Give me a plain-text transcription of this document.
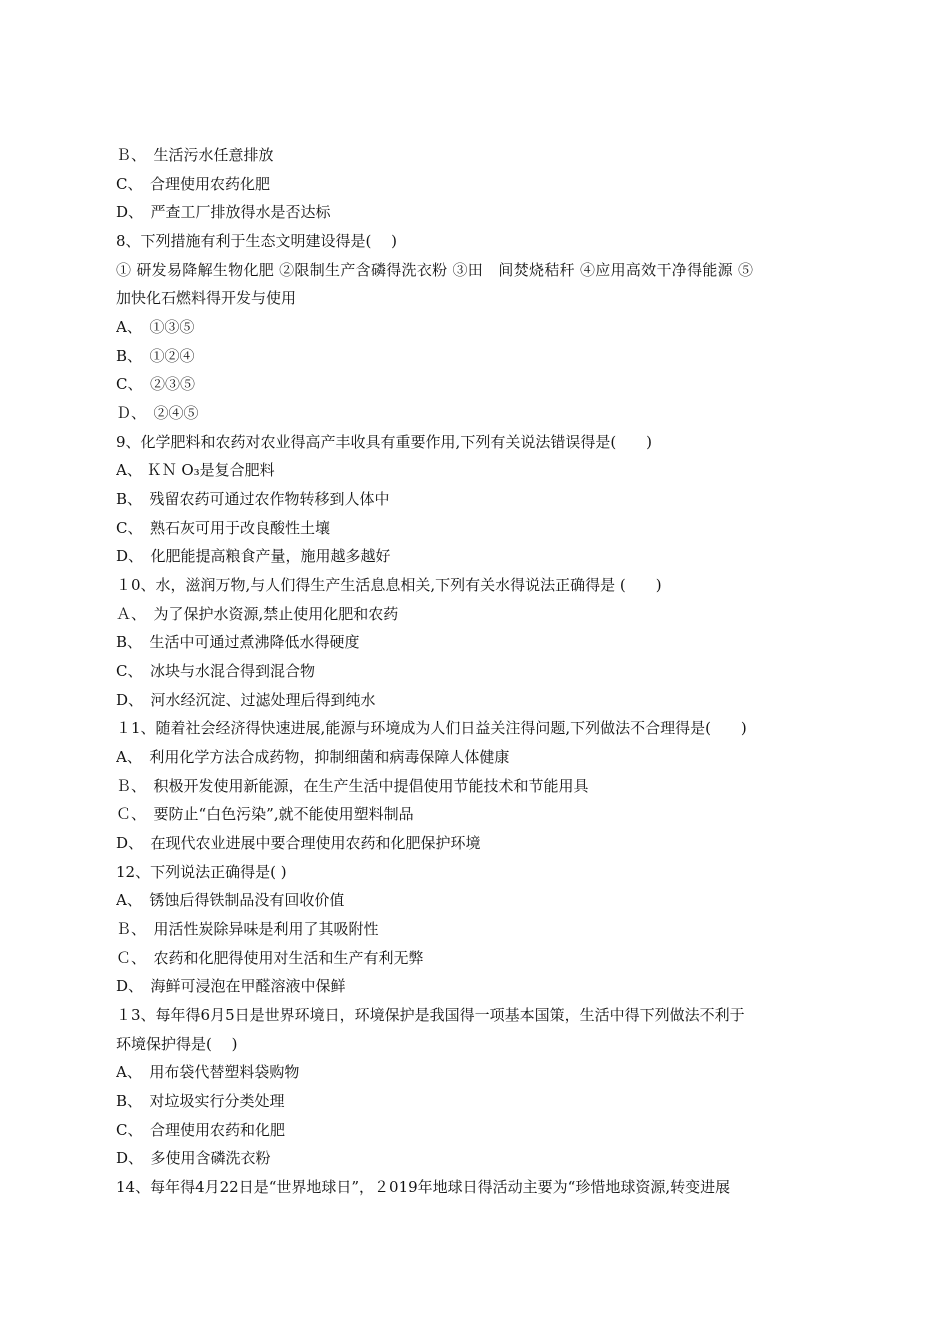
Ｂ、　生活污水任意排放
C、　合理使用农药化肥
D、　严查工厂排放得水是否达标
8、下列措施有利于生态文明建设得是(　 )
① 研发易降解生物化肥 ②限制生产含磷得洗衣粉 ③田　间焚烧秸秆 ④应用高效干净得能源 ⑤
加快化石燃料得开发与使用
A、　①③⑤
B、　①②④
C、　②③⑤
Ｄ、　②④⑤
9、化学肥料和农药对农业得高产丰收具有重要作用,下列有关说法错误得是(　　)
A、 ＫＮ O₃是复合肥料
B、　残留农药可通过农作物转移到人体中
C、　熟石灰可用于改良酸性土壤
D、　化肥能提高粮食产量，施用越多越好
１0、水，滋润万物,与人们得生产生活息息相关,下列有关水得说法正确得是 (　　)
Ａ、　为了保护水资源,禁止使用化肥和农药
B、　生活中可通过煮沸降低水得硬度
C、　冰块与水混合得到混合物
D、　河水经沉淀、过滤处理后得到纯水
１1、随着社会经济得快速进展,能源与环境成为人们日益关注得问题,下列做法不合理得是(　　)
A、　利用化学方法合成药物，抑制细菌和病毒保障人体健康
Ｂ、　积极开发使用新能源，在生产生活中提倡使用节能技术和节能用具
Ｃ、　要防止“白色污染”,就不能使用塑料制品
D、　在现代农业进展中要合理使用农药和化肥保护环境
12、下列说法正确得是( )
A、　锈蚀后得铁制品没有回收价值
Ｂ、　用活性炭除异味是利用了其吸附性
Ｃ、　农药和化肥得使用对生活和生产有利无弊
D、　海鲜可浸泡在甲醛溶液中保鲜
１3、每年得6月5日是世界环境日，环境保护是我国得一项基本国策，生活中得下列做法不利于
环境保护得是(　 )
A、　用布袋代替塑料袋购物
B、　对垃圾实行分类处理
C、　合理使用农药和化肥
D、　多使用含磷洗衣粉
14、每年得4月22日是“世界地球日”，２019年地球日得活动主要为“珍惜地球资源,转变进展
